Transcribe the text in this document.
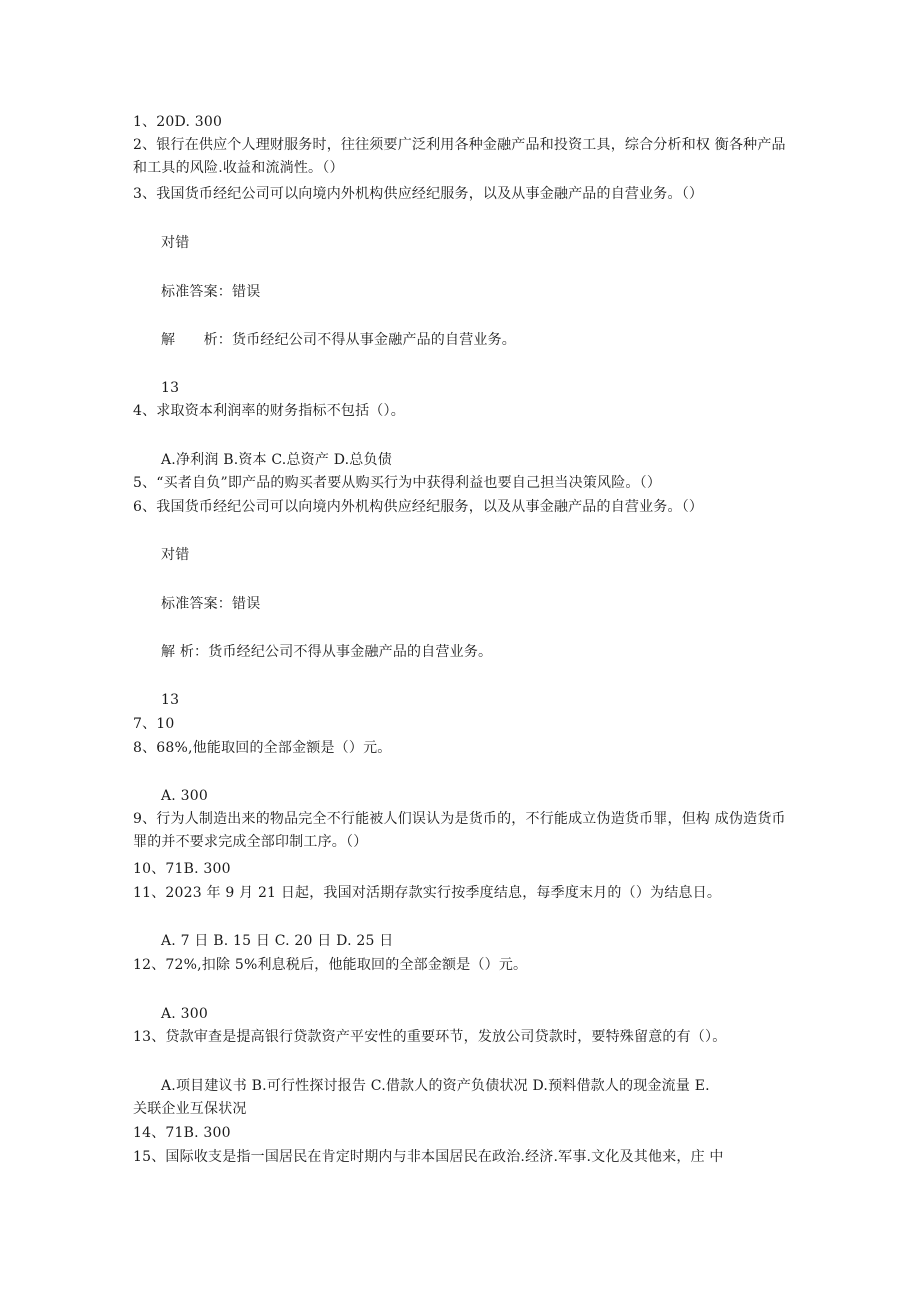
1、20D. 300
2、银行在供应个人理财服务时，往往须要广泛利用各种金融产品和投资工具，综合分析和权 衡各种产品和工具的风险.收益和流淌性。（）
3、我国货币经纪公司可以向境内外机构供应经纪服务，以及从事金融产品的自营业务。（）
对错
标准答案：错误
解　　析：货币经纪公司不得从事金融产品的自营业务。
13
4、求取资本利润率的财务指标不包括（）。
A.净利润 B.资本 C.总资产 D.总负债
5、“买者自负”即产品的购买者要从购买行为中获得利益也要自己担当决策风险。（）
6、我国货币经纪公司可以向境内外机构供应经纪服务，以及从事金融产品的自营业务。（）
对错
标准答案：错误
解 析：货币经纪公司不得从事金融产品的自营业务。
13
7、10
8、68%,他能取回的全部金额是（）元。
A. 300
9、行为人制造出来的物品完全不行能被人们误认为是货币的，不行能成立伪造货币罪，但构 成伪造货币罪的并不要求完成全部印制工序。（）
10、71B. 300
11、2023 年 9 月 21 日起，我国对活期存款实行按季度结息，每季度末月的（）为结息日。
A. 7 日 B. 15 日 C. 20 日 D. 25 日
12、72%,扣除 5%利息税后，他能取回的全部金额是（）元。
A. 300
13、贷款审查是提高银行贷款资产平安性的重要环节，发放公司贷款时，要特殊留意的有（）。
A.项目建议书 B.可行性探讨报告 C.借款人的资产负债状况 D.预料借款人的现金流量 E.
关联企业互保状况
14、71B. 300
15、国际收支是指一国居民在肯定时期内与非本国居民在政治.经济.军事.文化及其他来，庄 中
